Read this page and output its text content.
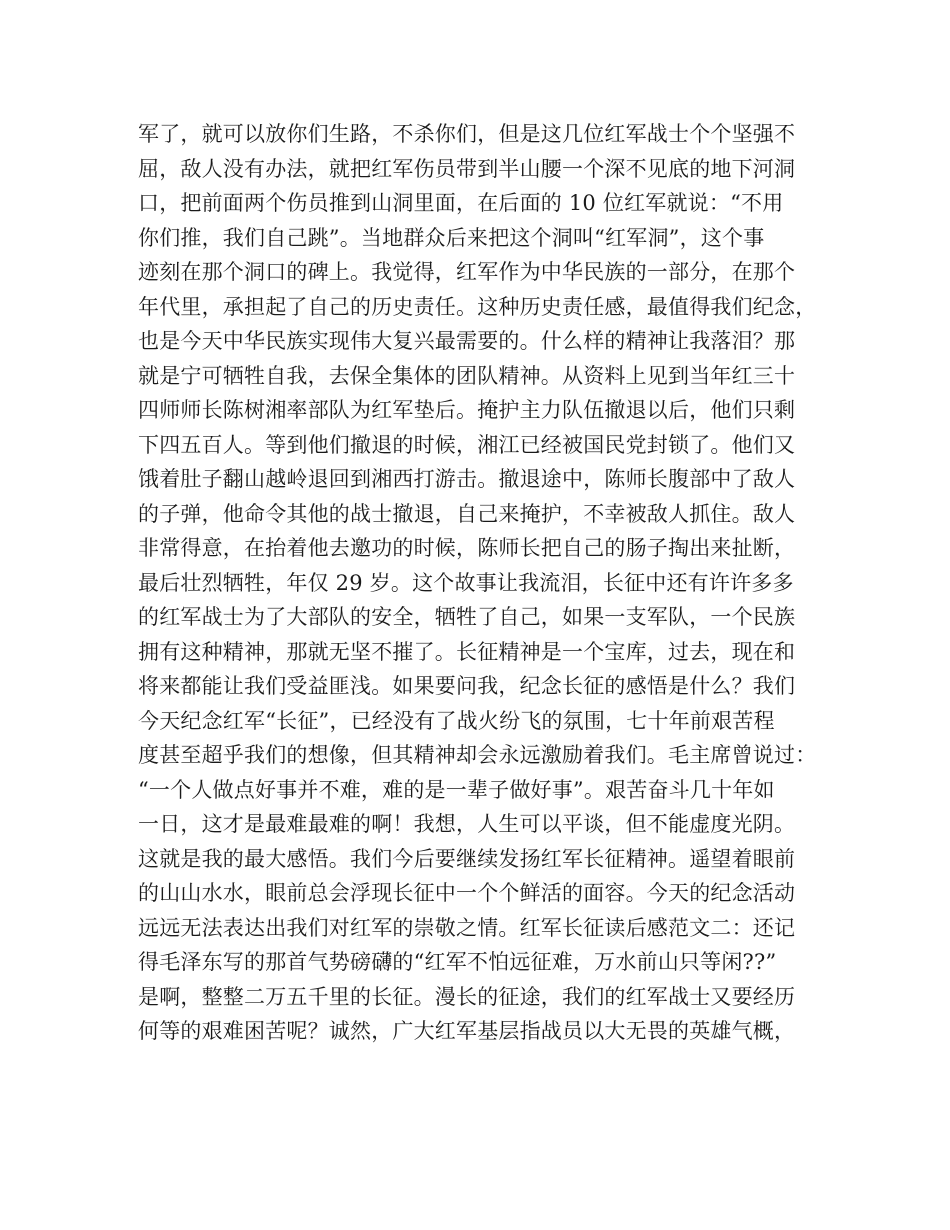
军了，就可以放你们生路，不杀你们，但是这几位红军战士个个坚强不
屈，敌人没有办法，就把红军伤员带到半山腰一个深不见底的地下河洞
口，把前面两个伤员推到山洞里面，在后面的 10 位红军就说：“不用
你们推，我们自己跳”。当地群众后来把这个洞叫“红军洞”，这个事
迹刻在那个洞口的碑上。我觉得，红军作为中华民族的一部分，在那个
年代里，承担起了自己的历史责任。这种历史责任感，最值得我们纪念，
也是今天中华民族实现伟大复兴最需要的。什么样的精神让我落泪？那
就是宁可牺牲自我，去保全集体的团队精神。从资料上见到当年红三十
四师师长陈树湘率部队为红军垫后。掩护主力队伍撤退以后，他们只剩
下四五百人。等到他们撤退的时候，湘江已经被国民党封锁了。他们又
饿着肚子翻山越岭退回到湘西打游击。撤退途中，陈师长腹部中了敌人
的子弹，他命令其他的战士撤退，自己来掩护，不幸被敌人抓住。敌人
非常得意，在抬着他去邀功的时候，陈师长把自己的肠子掏出来扯断，
最后壮烈牺牲，年仅 29 岁。这个故事让我流泪，长征中还有许许多多
的红军战士为了大部队的安全，牺牲了自己，如果一支军队，一个民族
拥有这种精神，那就无坚不摧了。长征精神是一个宝库，过去，现在和
将来都能让我们受益匪浅。如果要问我，纪念长征的感悟是什么？我们
今天纪念红军“长征”，已经没有了战火纷飞的氛围，七十年前艰苦程
度甚至超乎我们的想像，但其精神却会永远激励着我们。毛主席曾说过：
“一个人做点好事并不难，难的是一辈子做好事”。艰苦奋斗几十年如
一日，这才是最难最难的啊！我想，人生可以平谈，但不能虚度光阴。
这就是我的最大感悟。我们今后要继续发扬红军长征精神。遥望着眼前
的山山水水，眼前总会浮现长征中一个个鲜活的面容。今天的纪念活动
远远无法表达出我们对红军的崇敬之情。红军长征读后感范文二：还记
得毛泽东写的那首气势磅礴的“红军不怕远征难，万水前山只等闲??”
是啊，整整二万五千里的长征。漫长的征途，我们的红军战士又要经历
何等的艰难困苦呢？诚然，广大红军基层指战员以大无畏的英雄气概，
